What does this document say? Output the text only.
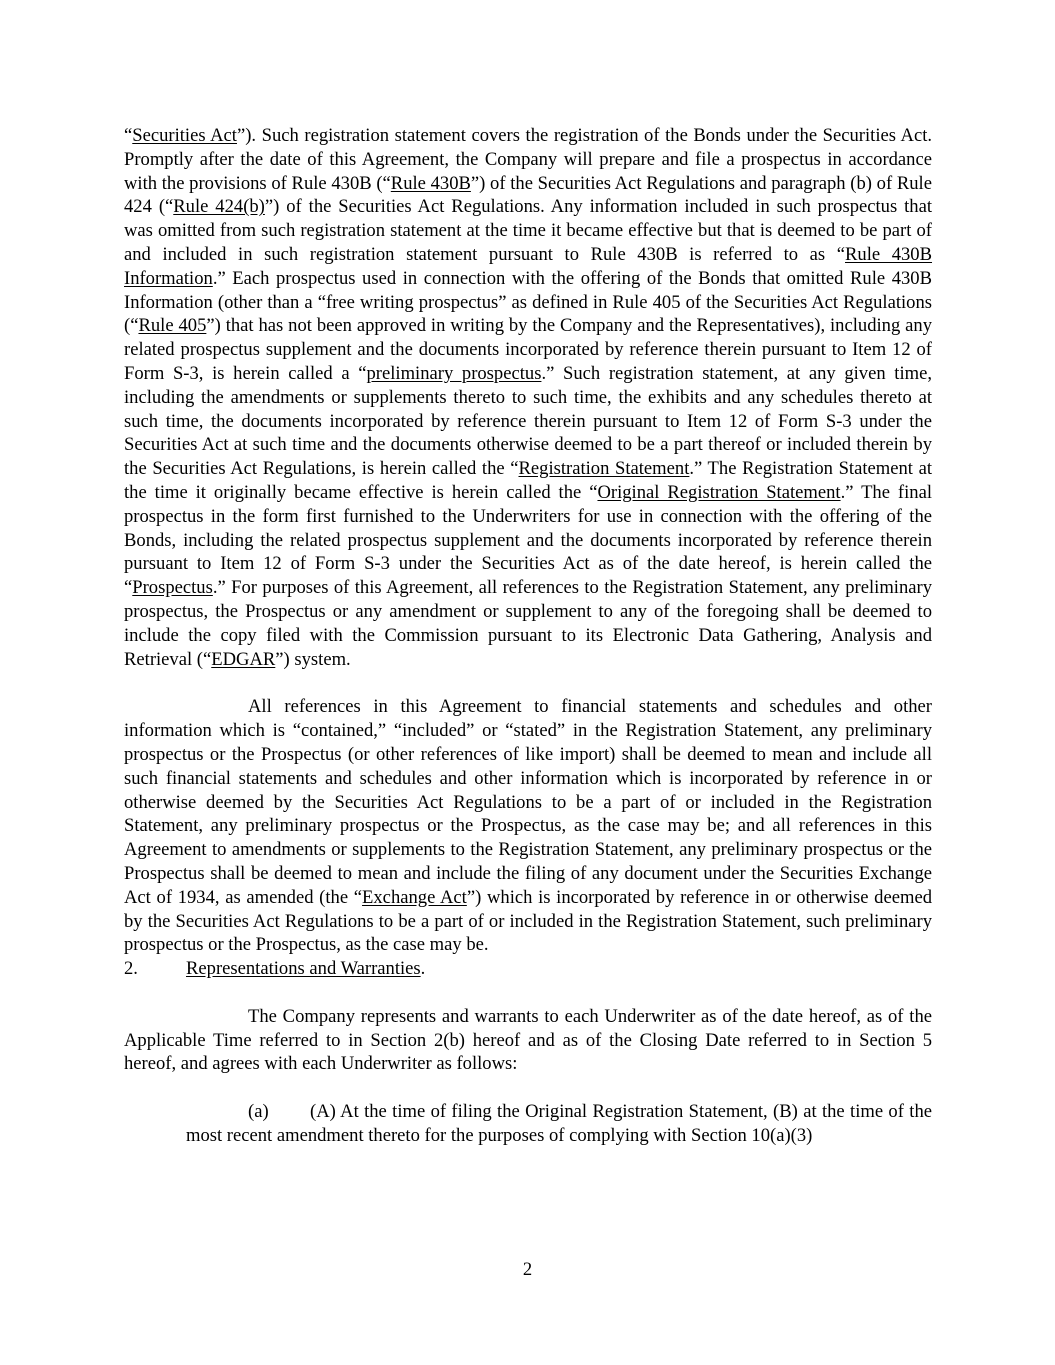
“Securities Act”). Such registration statement covers the registration of the Bonds under the Securities Act. Promptly after the date of this Agreement, the Company will prepare and file a prospectus in accordance with the provisions of Rule 430B (“Rule 430B”) of the Securities Act Regulations and paragraph (b) of Rule 424 (“Rule 424(b)”) of the Securities Act Regulations. Any information included in such prospectus that was omitted from such registration statement at the time it became effective but that is deemed to be part of and included in such registration statement pursuant to Rule 430B is referred to as “Rule 430B Information.” Each prospectus used in connection with the offering of the Bonds that omitted Rule 430B Information (other than a “free writing prospectus” as defined in Rule 405 of the Securities Act Regulations (“Rule 405”) that has not been approved in writing by the Company and the Representatives), including any related prospectus supplement and the documents incorporated by reference therein pursuant to Item 12 of Form S-3, is herein called a “preliminary prospectus.” Such registration statement, at any given time, including the amendments or supplements thereto to such time, the exhibits and any schedules thereto at such time, the documents incorporated by reference therein pursuant to Item 12 of Form S-3 under the Securities Act at such time and the documents otherwise deemed to be a part thereof or included therein by the Securities Act Regulations, is herein called the “Registration Statement.” The Registration Statement at the time it originally became effective is herein called the “Original Registration Statement.” The final prospectus in the form first furnished to the Underwriters for use in connection with the offering of the Bonds, including the related prospectus supplement and the documents incorporated by reference therein pursuant to Item 12 of Form S-3 under the Securities Act as of the date hereof, is herein called the “Prospectus.” For purposes of this Agreement, all references to the Registration Statement, any preliminary prospectus, the Prospectus or any amendment or supplement to any of the foregoing shall be deemed to include the copy filed with the Commission pursuant to its Electronic Data Gathering, Analysis and Retrieval (“EDGAR”) system.

All references in this Agreement to financial statements and schedules and other information which is “contained,” “included” or “stated” in the Registration Statement, any preliminary prospectus or the Prospectus (or other references of like import) shall be deemed to mean and include all such financial statements and schedules and other information which is incorporated by reference in or otherwise deemed by the Securities Act Regulations to be a part of or included in the Registration Statement, any preliminary prospectus or the Prospectus, as the case may be; and all references in this Agreement to amendments or supplements to the Registration Statement, any preliminary prospectus or the Prospectus shall be deemed to mean and include the filing of any document under the Securities Exchange Act of 1934, as amended (the “Exchange Act”) which is incorporated by reference in or otherwise deemed by the Securities Act Regulations to be a part of or included in the Registration Statement, such preliminary prospectus or the Prospectus, as the case may be.

2.	Representations and Warranties.

The Company represents and warrants to each Underwriter as of the date hereof, as of the Applicable Time referred to in Section 2(b) hereof and as of the Closing Date referred to in Section 5 hereof, and agrees with each Underwriter as follows:

(a) (A) At the time of filing the Original Registration Statement, (B) at the time of the most recent amendment thereto for the purposes of complying with Section 10(a)(3)

2
